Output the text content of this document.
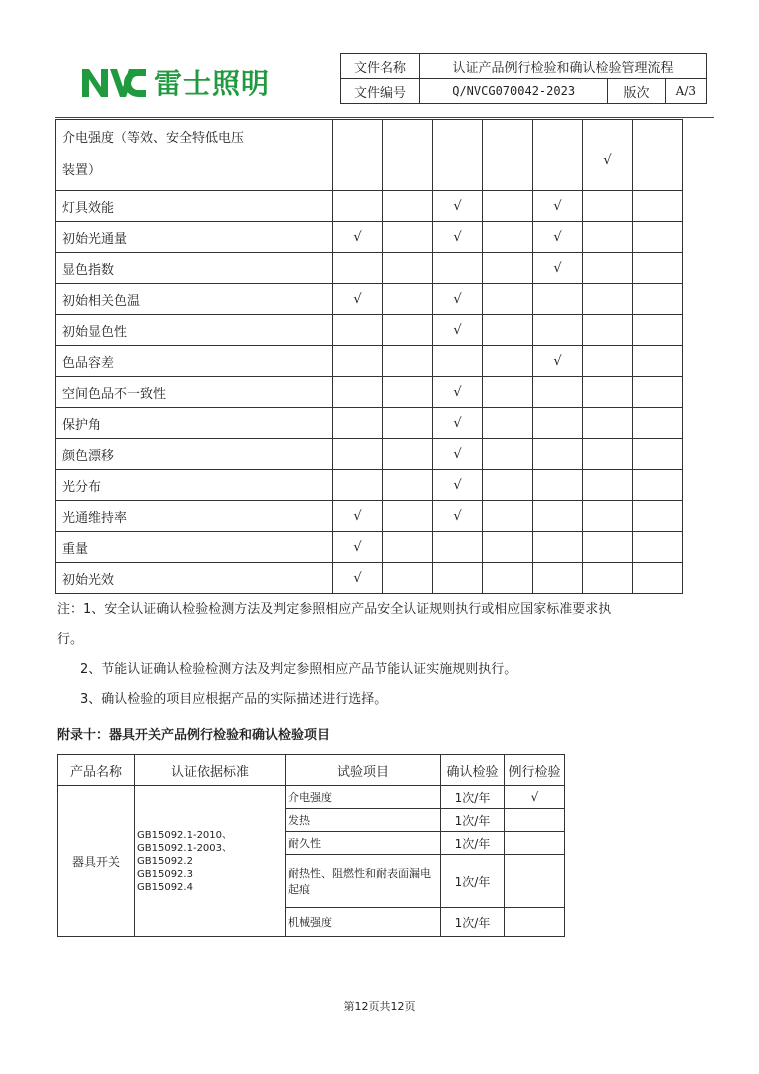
雷士照明	文件名称	认证产品例行检验和确认检验管理流程		
文件编号	Q/NVCG070042-2023	版次	A/3
介电强度（等效、安全特低电压
装置）						√	
灯具效能			√		√		
初始光通量	√		√		√		
显色指数					√		
初始相关色温	√		√				
初始显色性			√				
色品容差					√		
空间色品不一致性			√				
保护角			√				
颜色漂移			√				
光分布			√				
光通维持率	√		√				
重量	√						
初始光效	√						
注：1、安全认证确认检验检测方法及判定参照相应产品安全认证规则执行或相应国家标准要求执
行。
2、节能认证确认检验检测方法及判定参照相应产品节能认证实施规则执行。
3、确认检验的项目应根据产品的实际描述进行选择。
附录十：器具开关产品例行检验和确认检验项目
产品名称	认证依据标准	试验项目	确认检验	例行检验
器具开关	GB15092.1-2010、
GB15092.1-2003、
GB15092.2
GB15092.3
GB15092.4	介电强度	1次/年	√
		发热	1次/年	
		耐久性	1次/年	
		耐热性、阻燃性和耐表面漏电起痕	1次/年	
		机械强度	1次/年	
第12页共12页
